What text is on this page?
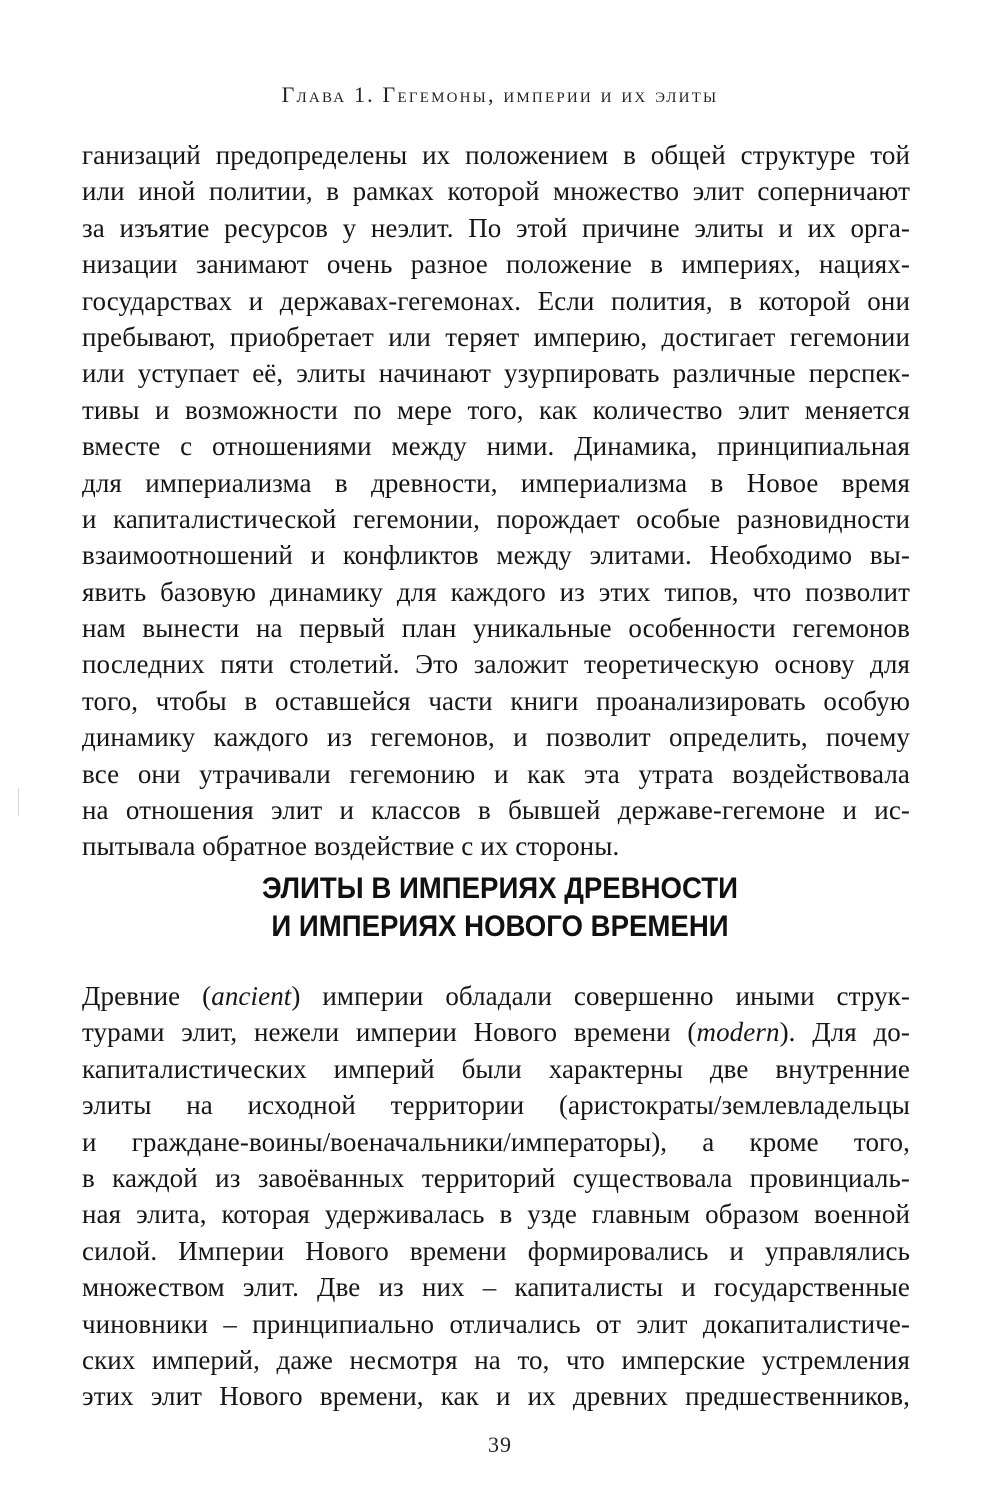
Глава 1. Гегемоны, империи и их элиты
ганизаций предопределены их положением в общей структуре той
или иной политии, в рамках которой множество элит соперничают
за изъятие ресурсов у неэлит. По этой причине элиты и их орга-
низации занимают очень разное положение в империях, нациях-
государствах и державах-гегемонах. Если полития, в которой они
пребывают, приобретает или теряет империю, достигает гегемонии
или уступает её, элиты начинают узурпировать различные перспек-
тивы и возможности по мере того, как количество элит меняется
вместе с отношениями между ними. Динамика, принципиальная
для империализма в древности, империализма в Новое время
и капиталистической гегемонии, порождает особые разновидности
взаимоотношений и конфликтов между элитами. Необходимо вы-
явить базовую динамику для каждого из этих типов, что позволит
нам вынести на первый план уникальные особенности гегемонов
последних пяти столетий. Это заложит теоретическую основу для
того, чтобы в оставшейся части книги проанализировать особую
динамику каждого из гегемонов, и позволит определить, почему
все они утрачивали гегемонию и как эта утрата воздействовала
на отношения элит и классов в бывшей державе-гегемоне и ис-
пытывала обратное воздействие с их стороны.
ЭЛИТЫ В ИМПЕРИЯХ ДРЕВНОСТИ
И ИМПЕРИЯХ НОВОГО ВРЕМЕНИ
Древние (ancient) империи обладали совершенно иными струк-
турами элит, нежели империи Нового времени (modern). Для до-
капиталистических империй были характерны две внутренние
элиты на исходной территории (аристократы/землевладельцы
и граждане-воины/военачальники/императоры), а кроме того,
в каждой из завоёванных территорий существовала провинциаль-
ная элита, которая удерживалась в узде главным образом военной
силой. Империи Нового времени формировались и управлялись
множеством элит. Две из них – капиталисты и государственные
чиновники – принципиально отличались от элит докапиталистиче-
ских империй, даже несмотря на то, что имперские устремления
этих элит Нового времени, как и их древних предшественников,
39
